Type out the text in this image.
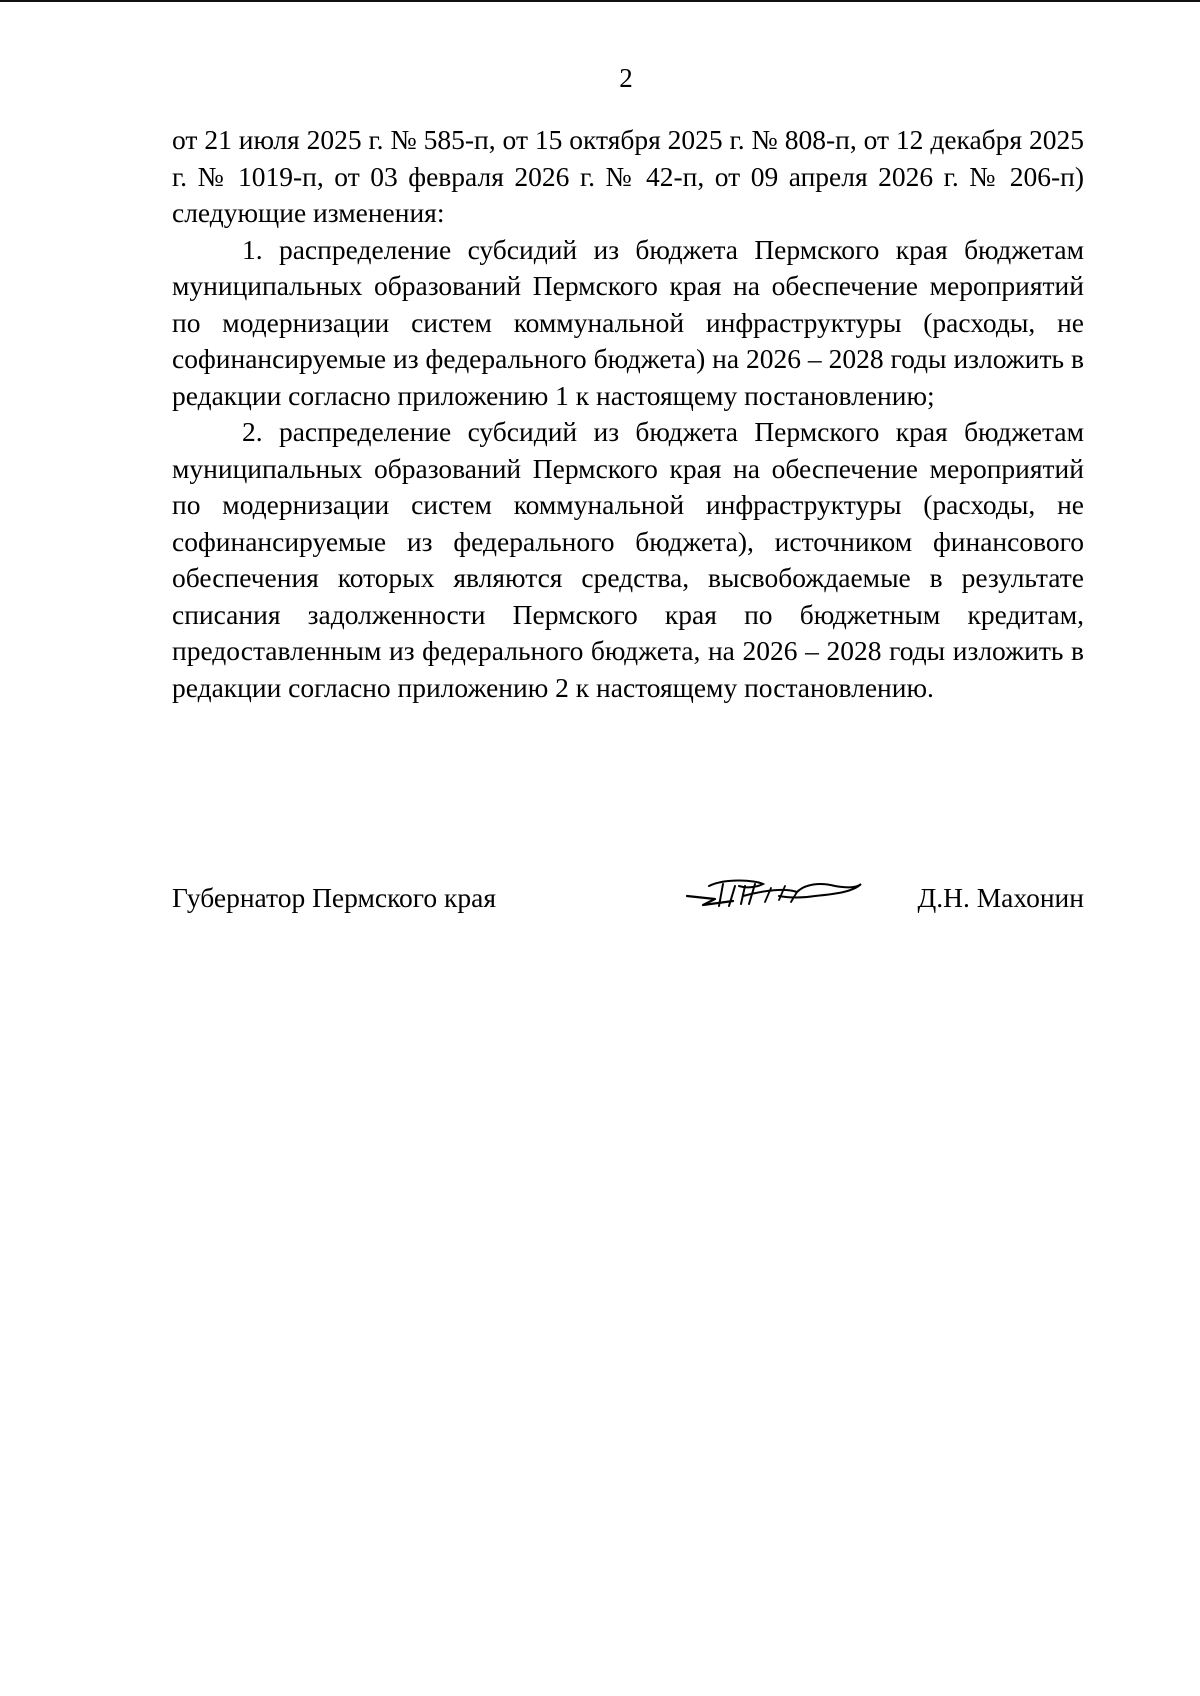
2

от 21 июля 2025 г. № 585-п, от 15 октября 2025 г. № 808-п, от 12 декабря 2025 г. № 1019-п, от 03 февраля 2026 г. № 42-п, от 09 апреля 2026 г. № 206-п) следующие изменения:

1. распределение субсидий из бюджета Пермского края бюджетам муниципальных образований Пермского края на обеспечение мероприятий по модернизации систем коммунальной инфраструктуры (расходы, не софинансируемые из федерального бюджета) на 2026 – 2028 годы изложить в редакции согласно приложению 1 к настоящему постановлению;

2. распределение субсидий из бюджета Пермского края бюджетам муниципальных образований Пермского края на обеспечение мероприятий по модернизации систем коммунальной инфраструктуры (расходы, не софинансируемые из федерального бюджета), источником финансового обеспечения которых являются средства, высвобождаемые в результате списания задолженности Пермского края по бюджетным кредитам, предоставленным из федерального бюджета, на 2026 – 2028 годы изложить в редакции согласно приложению 2 к настоящему постановлению.

Губернатор Пермского края	Д.Н. Махонин
